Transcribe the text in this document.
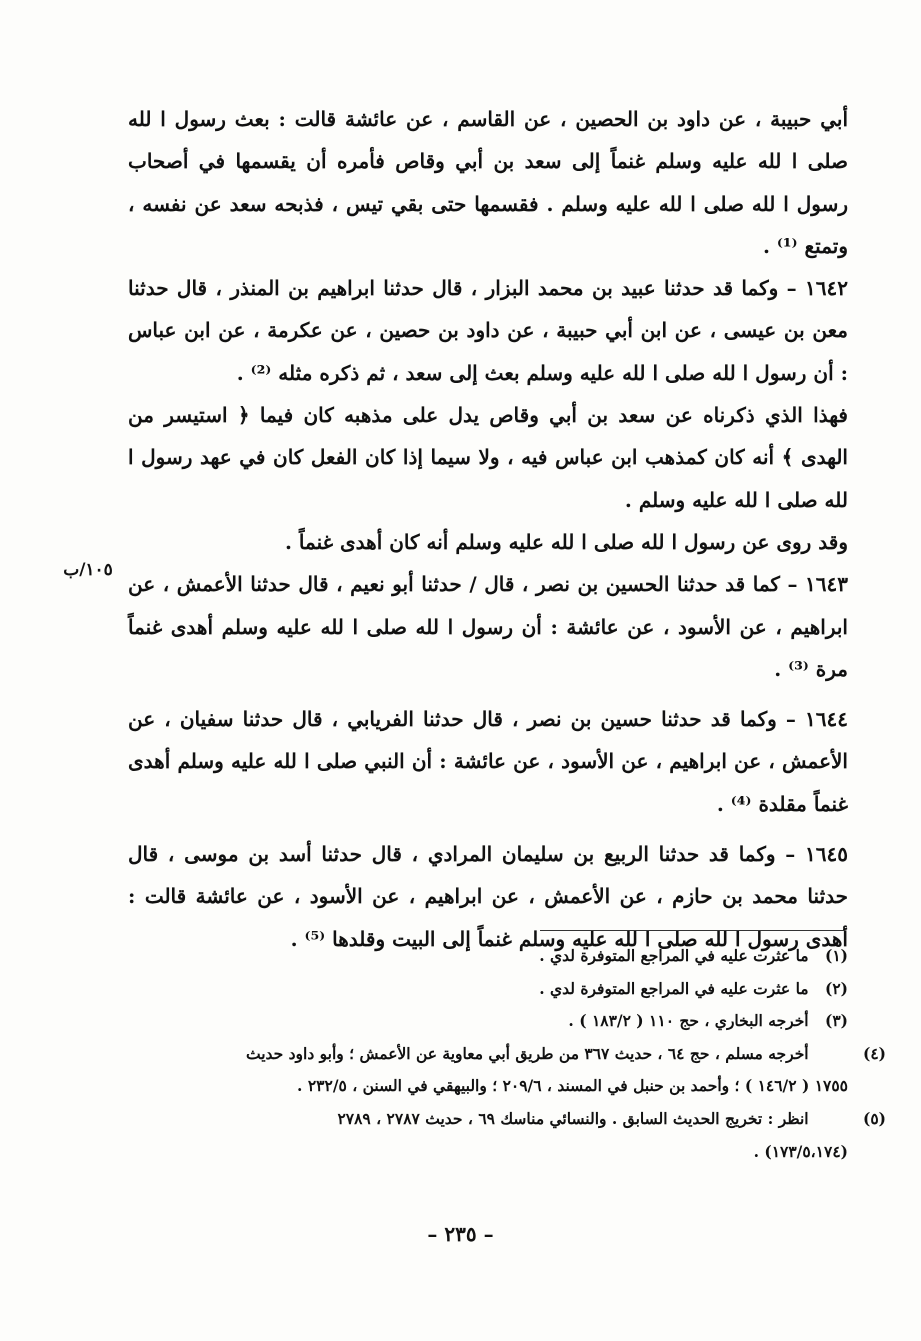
أبي حبيبة ، عن داود بن الحصين ، عن القاسم ، عن عائشة قالت : بعث رسول ا لله صلى ا لله عليه وسلم غنماً إلى سعد بن أبي وقاص فأمره أن يقسمها في أصحاب رسول ا لله صلى ا لله عليه وسلم . فقسمها حتى بقي تيس ، فذبحه سعد عن نفسه ، وتمتع ⁽¹⁾ .

١٦٤٢ – وكما قد حدثنا عبيد بن محمد البزار ، قال حدثنا ابراهيم بن المنذر ، قال حدثنا معن بن عيسى ، عن ابن أبي حبيبة ، عن داود بن حصين ، عن عكرمة ، عن ابن عباس : أن رسول ا لله صلى ا لله عليه وسلم بعث إلى سعد ، ثم ذكره مثله ⁽²⁾ .

فهذا الذي ذكرناه عن سعد بن أبي وقاص يدل على مذهبه كان فيما ﴿ استيسر من الهدى ﴾ أنه كان كمذهب ابن عباس فيه ، ولا سيما إذا كان الفعل كان في عهد رسول ا لله صلى ا لله عليه وسلم .

وقد روى عن رسول ا لله صلى ا لله عليه وسلم أنه كان أهدى غنماً .

١٦٤٣ – كما قد حدثنا الحسين بن نصر ، قال / حدثنا أبو نعيم ، قال حدثنا الأعمش ، عن ابراهيم ، عن الأسود ، عن عائشة : أن رسول ا لله صلى ا لله عليه وسلم أهدى غنماً مرة ⁽³⁾ .

١٦٤٤ – وكما قد حدثنا حسين بن نصر ، قال حدثنا الفريابي ، قال حدثنا سفيان ، عن الأعمش ، عن ابراهيم ، عن الأسود ، عن عائشة : أن النبي صلى ا لله عليه وسلم أهدى غنماً مقلدة ⁽⁴⁾ .

١٦٤٥ – وكما قد حدثنا الربيع بن سليمان المرادي ، قال حدثنا أسد بن موسى ، قال حدثنا محمد بن حازم ، عن الأعمش ، عن ابراهيم ، عن الأسود ، عن عائشة قالت : أهدى رسول ا لله صلى ا لله عليه وسلم غنماً إلى البيت وقلدها ⁽⁵⁾ .

١٠٥/ب

(١) ما عثرت عليه في المراجع المتوفرة لدي .

(٢) ما عثرت عليه في المراجع المتوفرة لدي .

(٣) أخرجه البخاري ، حج ١١٠ ( ١٨٣/٢ ) .

(٤) أخرجه مسلم ، حج ٦٤ ، حديث ٣٦٧ من طريق أبي معاوية عن الأعمش ؛ وأبو داود حديث
١٧٥٥ ( ١٤٦/٢ ) ؛ وأحمد بن حنبل في المسند ، ٢٠٩/٦ ؛ والبيهقي في السنن ، ٢٣٢/٥ .

(٥) انظر : تخريج الحديث السابق . والنسائي مناسك ٦٩ ، حديث ٢٧٨٧ ، ٢٧٨٩
(١٧٣/٥،١٧٤) .

– ٢٣٥ –
